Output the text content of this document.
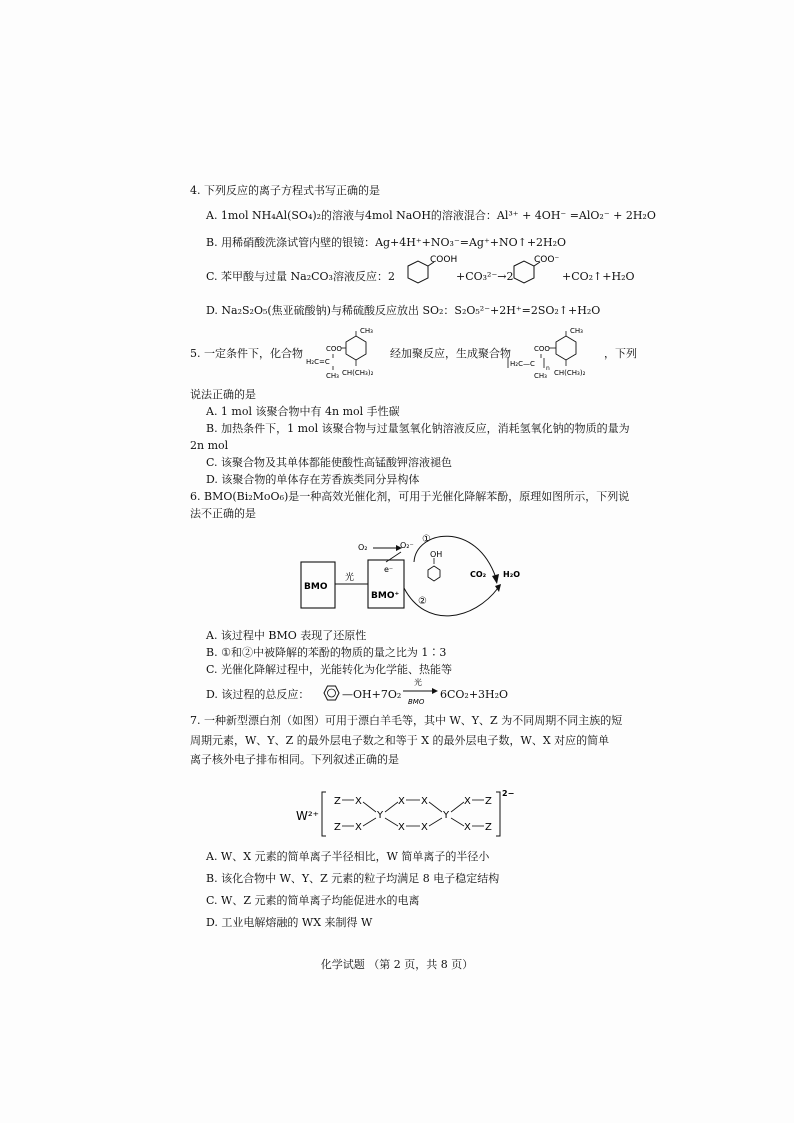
4. 下列反应的离子方程式书写正确的是
A. 1mol NH₄Al(SO₄)₂的溶液与4mol NaOH的溶液混合：Al³⁺ + 4OH⁻ =AlO₂⁻ + 2H₂O
B. 用稀硝酸洗涤试管内壁的银镜：Ag+4H⁺+NO₃⁻=Ag⁺+NO↑+2H₂O
C. 苯甲酸与过量 Na₂CO₃溶液反应：2
COOH
+CO₃²⁻→2
COO⁻
+CO₂↑+H₂O
D. Na₂S₂O₅(焦亚硫酸钠)与稀硫酸反应放出 SO₂：S₂O₅²⁻+2H⁺=2SO₂↑+H₂O
5. 一定条件下，化合物
CH₃
COO
H₂C=C
CH₃ CH(CH₃)₂
经加聚反应，生成聚合物
CH₃
COO
H₂C—C
n
CH₃ CH(CH₃)₂
，下列
说法正确的是
A. 1 mol 该聚合物中有 4n mol 手性碳
B. 加热条件下，1 mol 该聚合物与过量氢氧化钠溶液反应，消耗氢氧化钠的物质的量为
2n mol
C. 该聚合物及其单体都能使酸性高锰酸钾溶液褪色
D. 该聚合物的单体存在芳香族类同分异构体
6. BMO(Bi₂MoO₆)是一种高效光催化剂，可用于光催化降解苯酚，原理如图所示，下列说
法不正确的是
BMO
光
e⁻
BMO⁺
O₂	O₂⁻
①
OH
②
CO₂ H₂O
A. 该过程中 BMO 表现了还原性
B. ①和②中被降解的苯酚的物质的量之比为 1∶3
C. 光催化降解过程中，光能转化为化学能、热能等
D. 该过程的总反应：	—OH+7O₂
光
BMO
6CO₂+3H₂O
7. 一种新型漂白剂（如图）可用于漂白羊毛等，其中 W、Y、Z 为不同周期不同主族的短
周期元素，W、Y、Z 的最外层电子数之和等于 X 的最外层电子数，W、X 对应的简单
离子核外电子排布相同。下列叙述正确的是
W²⁺
Z X
Z X
Y
X X
X X
Y
X Z
X Z
2−
A. W、X 元素的简单离子半径相比，W 简单离子的半径小
B. 该化合物中 W、Y、Z 元素的粒子均满足 8 电子稳定结构
C. W、Z 元素的简单离子均能促进水的电离
D. 工业电解熔融的 WX 来制得 W
化学试题 （第 2 页，共 8 页）
